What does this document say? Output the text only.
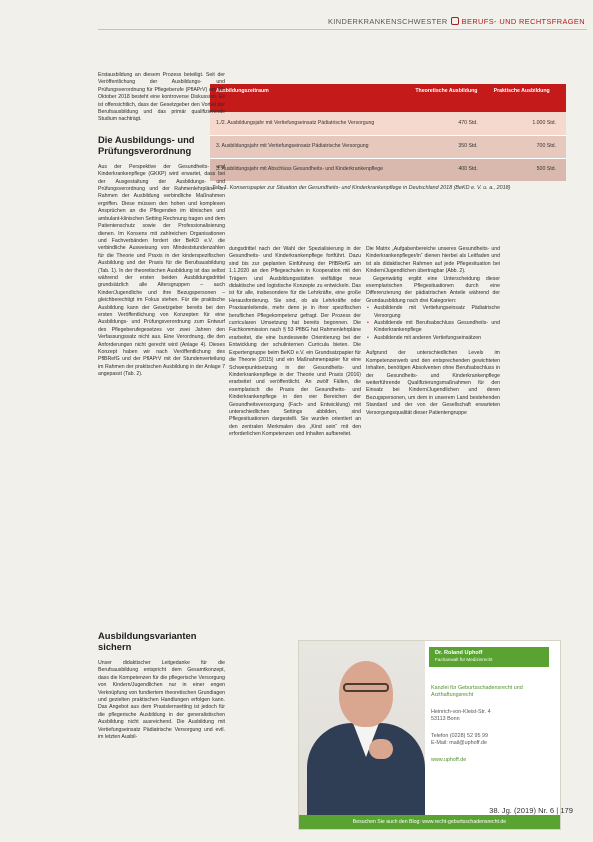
KINDERKRANKENSCHWESTER BERUFS- UND RECHTSFRAGEN
Ausbildungszeitraum	Theoretische Ausbildung	Praktische Ausbildung
1./2. Ausbildungsjahr mit Vertiefungseinsatz Pädiatrische Versorgung	470 Std.	1.000 Std.
3. Ausbildungsjahr mit Vertiefungseinsatz Pädiatrische Versorgung	350 Std.	700 Std.
3. Ausbildungsjahr mit Abschluss Gesundheits- und Kinderkrankenpflege	400 Std.	500 Std.
Tab. 1. Konsenspapier zur Situation der Gesundheits- und Kinderkrankenpflege in Deutschland 2018 (BeKD e. V. u. a., 2018)

Erstausbildung an diesem Prozess beteiligt. Seit der Veröffentlichung der Ausbildungs- und Prüfungsverordnung für Pflegeberufe (PflAPrV) am 02. Oktober 2018 besteht eine kontroverse Diskussion. Es ist offensichtlich, dass der Gesetzgeber den Vorteil der Berufsausbildung und das primär qualifizierende Studium nachträgt.

Die Ausbildungs- und Prüfungsverordnung

Aus der Perspektive der Gesundheits- und Kinderkrankenpflege (GKKP) wird erwartet, dass bei der Ausgestaltung der Ausbildungs- und Prüfungsverordnung und der Rahmenlehrpläne im Rahmen der Ausbildung verbindliche Maßnahmen ergriffen. Diese müssen den hohen und komplexen Ansprüchen an die Pflegenden im klinischen und ambulant-klinischen Setting Rechnung tragen und dem Patientenschutz sowie der Professionalisierung dienen. Im Konsens mit zahlreichen Organisationen und Fachverbänden fordert der BeKD e.V. die verbindliche Ausweisung von Mindeststundenzahlen für die Theorie und Praxis in der kinderspezifischen Ausbildung und der Praxis für die Berufsausbildung (Tab. 1). In der theoretischen Ausbildung ist das selbst während der ersten beiden Ausbildungsdrittel grundsätzlich alle Altersgruppen – auch Kinder/Jugendliche und ihre Bezugspersonen – gleichberechtigt im Fokus stehen. Für die praktische Ausbildung kann der Gesetzgeber bereits bei den ersten Veröffentlichung von Konzepten für eine Ausbildungs- und Prüfungsverordnung zum Entwurf des Pflegeberufegesetzes vor zwei Jahren den Verfassungssatz nicht aus. Eine Verordnung, die den Anforderungen nicht gerecht wird (Anlage 4). Dieses Konzept haben wir nach Veröffentlichung des PflBRefG und der PflAPrV mit der Stundenverteilung im Rahmen der praktischen Ausbildung in der Anlage 7 angepasst (Tab. 2).

Ausbildungsvarianten sichern

Unser didaktischer Leitgedanke für die Berufsausbildung entspricht dem Gesamtkonzept, dass die Kompetenzen für die pflegerische Versorgung von Kindern/Jugendlichen nur in einer engen Verknüpfung von fundiertem theoretischen Grundlagen und gezielten praktischen Handlungen erfolgen kann. Das Angebot aus dem Praxislernsetting ist jedoch für die pflegerische Ausbildung in der generalistischen Ausbildung nicht ausreichend. Die Ausbildung mit Vertiefungseinsatz Pädiatrische Versorgung und evtl. im letzten Ausbil-

dungsdrittel nach der Wahl der Spezialisierung in der Gesundheits- und Kinderkrankenpflege fortführt. Dazu sind bis zur geplanten Einführung der PflBRefG am 1.1.2020 an den Pflegeschulen in Kooperation mit den Trägern und Ausbildungsstätten vielfältige neue didaktische und logistische Konzepte zu entwickeln. Das ist für alle, insbesondere für die Lehrkräfte, eine große Herausforderung. Sie sind, ob als Lehrkräfte oder Praxisanleitende, mehr denn je in ihrer spezifischen beruflichen Pflegekompetenz gefragt. Der Prozess der curricularen Umsetzung hat bereits begonnen. Die Fachkommission nach § 53 PflBG hat Rahmenlehrpläne erarbeitet, die eine bundesweite Orientierung bei der Entwicklung der schulinternen Curricula bieten. Die Expertengruppe beim BeKD e.V. ein Grundsatzpapier für die Theorie (2015) und ein Maßnahmenpapier für eine Schwerpunktsetzung in der Gesundheits- und Kinderkrankenpflege in der Theorie und Praxis (2016) erarbeitet und veröffentlicht. An zwölf Fällen, die exemplarisch die Praxis der Gesundheits- und Kinderkrankenpflege in den vier Bereichen der Gesundheitsversorgung (Fach- und Entwicklung) mit unterschiedlichen Settings abbilden, sind Pflegesituationen dargestellt. Sie wurden orientiert an den zentralen Merkmalen des „Kind sein“ mit den erforderlichen Kompetenzen und Inhalten aufbereitet.

Die Matrix „Aufgabenbereiche unseres Gesundheits- und Kinderkrankenpfleger/in“ dienen hierbei als Leitfaden und ist als didaktischer Rahmen auf jede Pflegesituation bei Kindern/Jugendlichen übertragbar (Abb. 2).

Gegenwärtig ergibt eine Unterscheidung dieser exemplarischen Pflegesituationen durch eine Differenzierung der pädiatrischen Anteile während der Grundausbildung nach drei Kategorien:

• Ausbildende mit Vertiefungseinsatz Pädiatrische Versorgung
• Ausbildende mit Berufsabschluss Gesundheits- und Kinderkrankenpflege
• Ausbildende mit anderen Vertiefungseinsätzen

Aufgrund der unterschiedlichen Levels im Kompetenzerwerb und den entsprechenden gewichteten Inhalten, benötigen Absolventen ohne Berufsabschluss in der Gesundheits- und Kinderkrankenpflege weiterführende Qualifizierungsmaßnahmen für den Einsatz bei Kindern/Jugendlichen und deren Bezugspersonen, um dem in unserem Land bestehenden Standard und der von der Gesellschaft erwarteten Versorgungsqualität dieser Patientengruppe

Dr. Roland Uphoff
Fachanwalt für Medizinrecht
Kanzlei für Geburtsschadensrecht und Arzthaftungsrecht
Heinrich-von-Kleist-Str. 4
53113 Bonn
Telefon (0228) 52 95 99
E-Mail: mail@uphoff.de
www.uphoff.de
Besuchen Sie auch den Blog: www.recht-geburtsschadensrecht.de
38. Jg. (2019) Nr. 6 | 179
